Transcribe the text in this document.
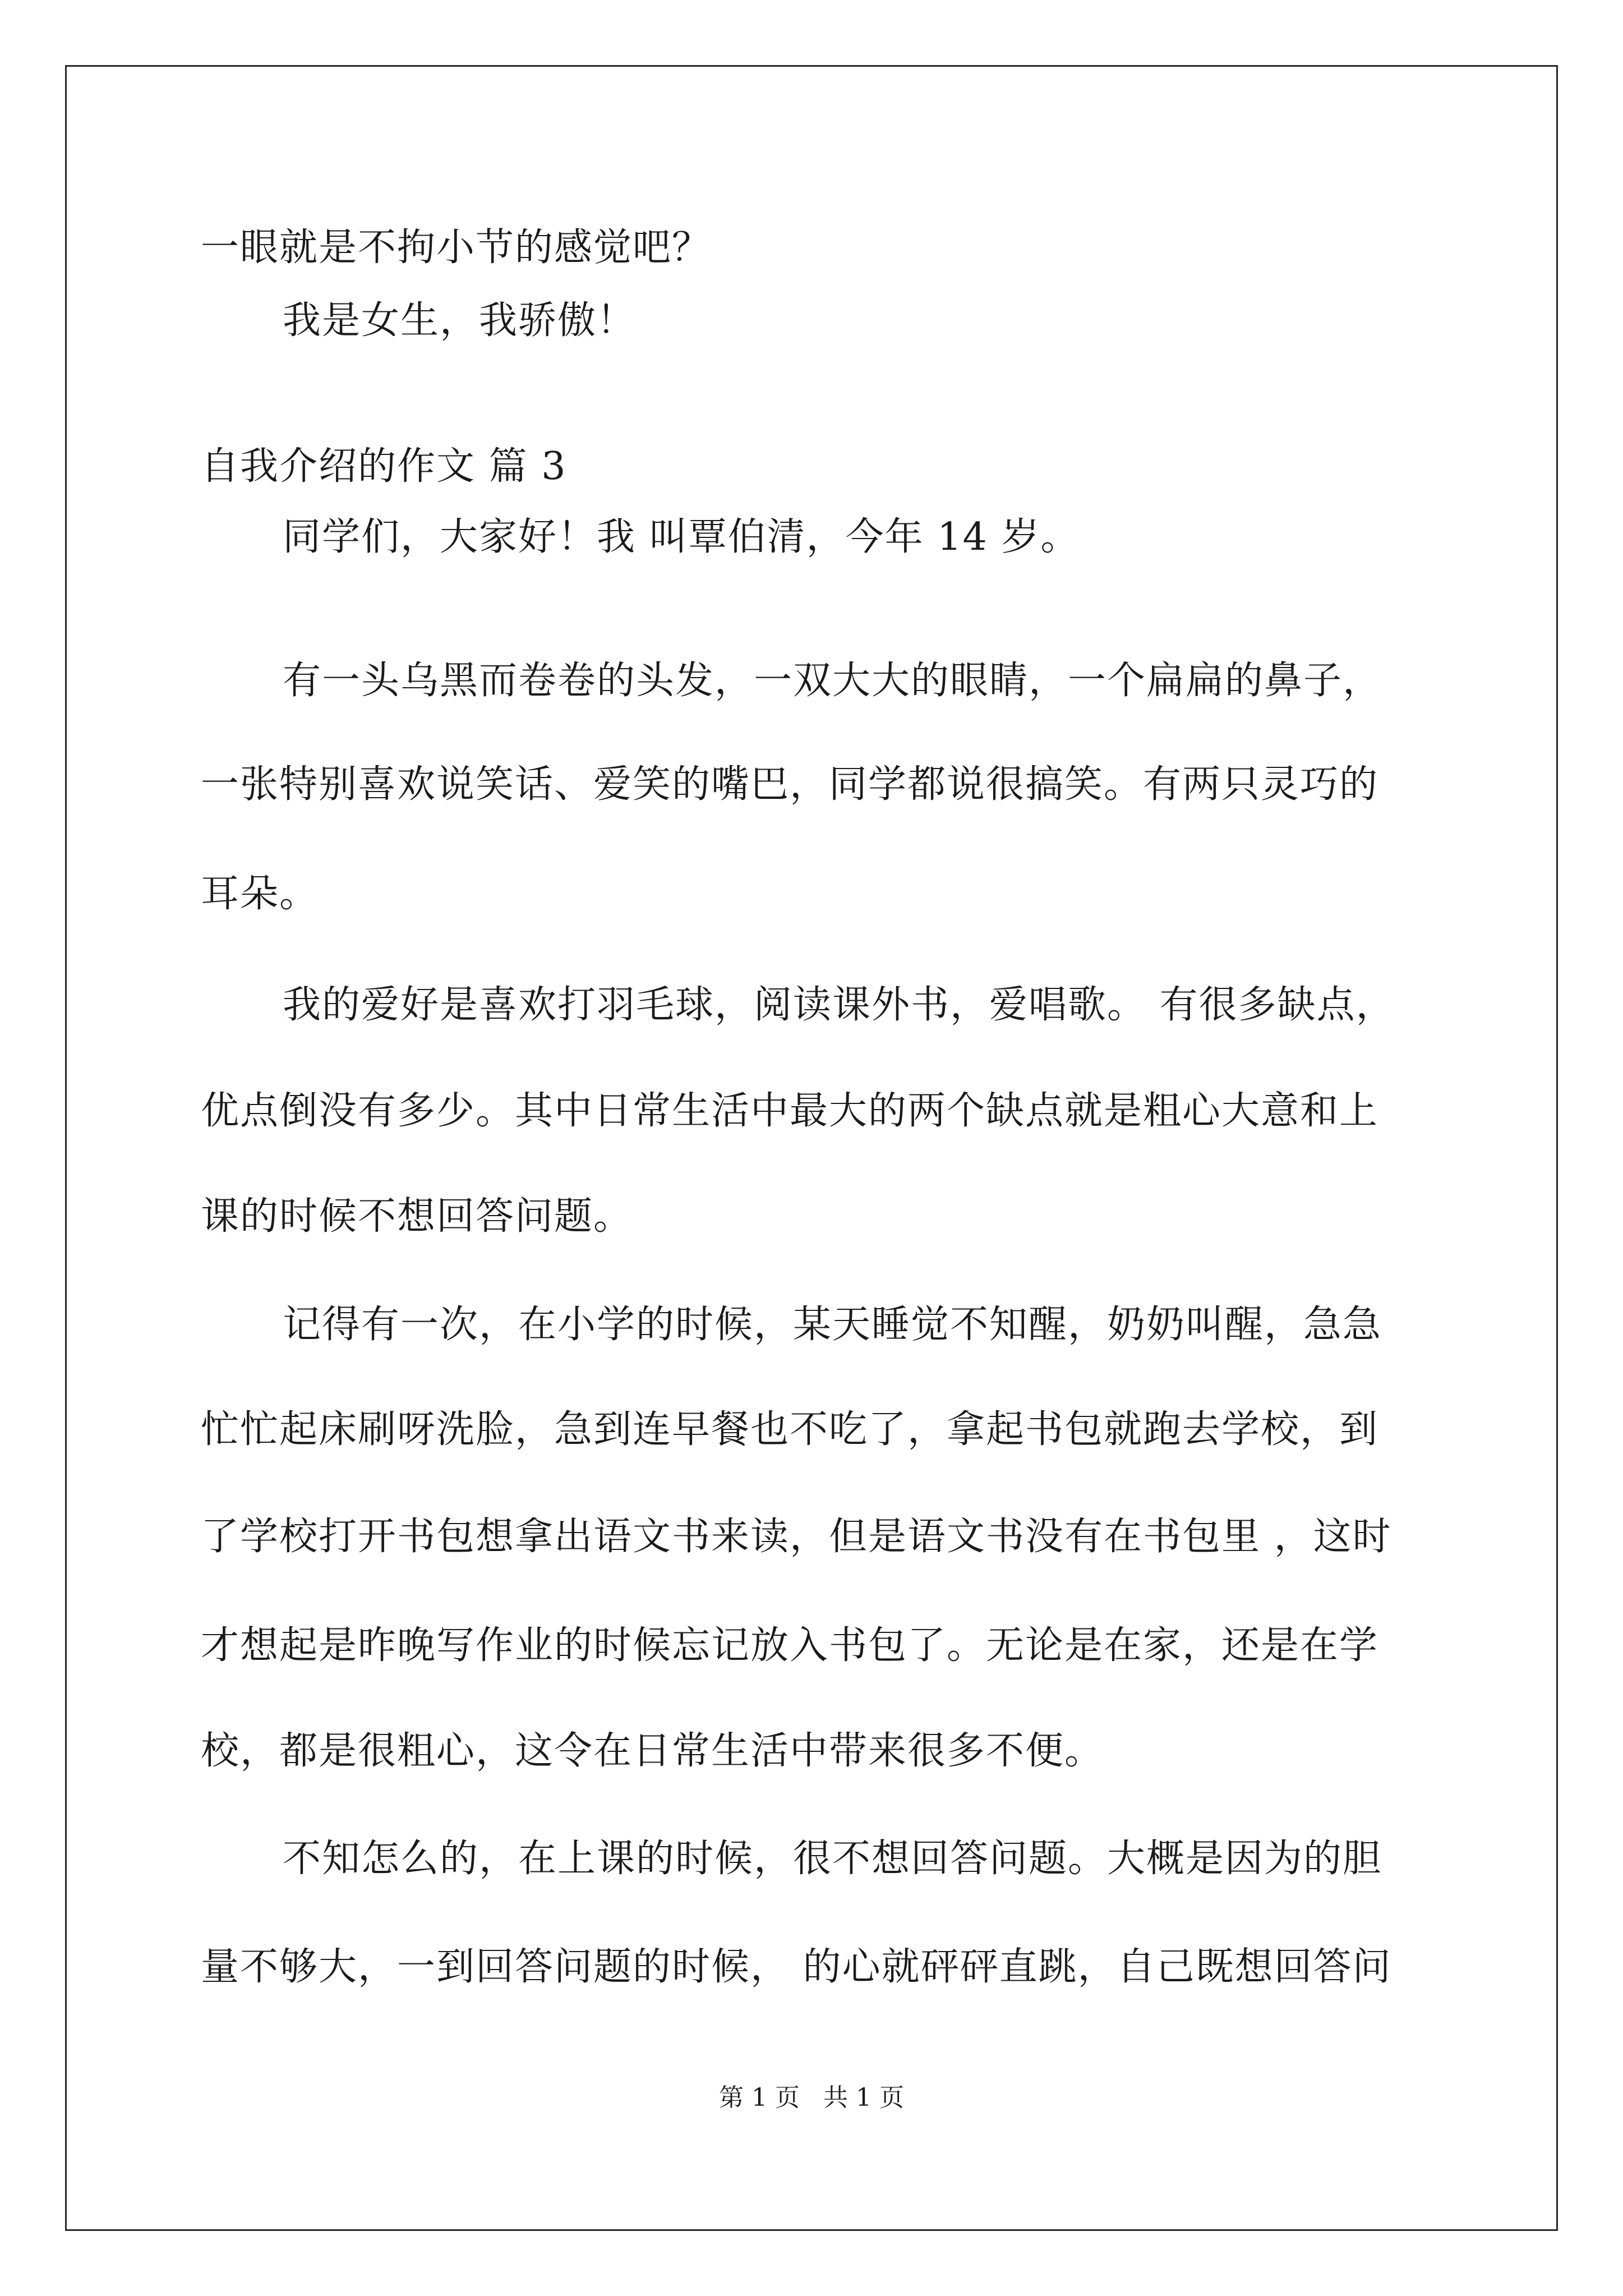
一眼就是不拘小节的感觉吧？
我是女生，我骄傲！
自我介绍的作文 篇 3
同学们，大家好！我 叫覃伯清，今年 14 岁。
有一头乌黑而卷卷的头发，一双大大的眼睛，一个扁扁的鼻子，
一张特别喜欢说笑话、爱笑的嘴巴，同学都说很搞笑。有两只灵巧的
耳朵。
我的爱好是喜欢打羽毛球，阅读课外书，爱唱歌。 有很多缺点，
优点倒没有多少。其中日常生活中最大的两个缺点就是粗心大意和上
课的时候不想回答问题。
记得有一次，在小学的时候，某天睡觉不知醒，奶奶叫醒，急急
忙忙起床刷呀洗脸，急到连早餐也不吃了，拿起书包就跑去学校，到
了学校打开书包想拿出语文书来读，但是语文书没有在书包里 ，这时
才想起是昨晚写作业的时候忘记放入书包了。无论是在家，还是在学
校，都是很粗心，这令在日常生活中带来很多不便。
不知怎么的，在上课的时候，很不想回答问题。大概是因为的胆
量不够大，一到回答问题的时候， 的心就砰砰直跳，自己既想回答问
第 1 页 共 1 页
